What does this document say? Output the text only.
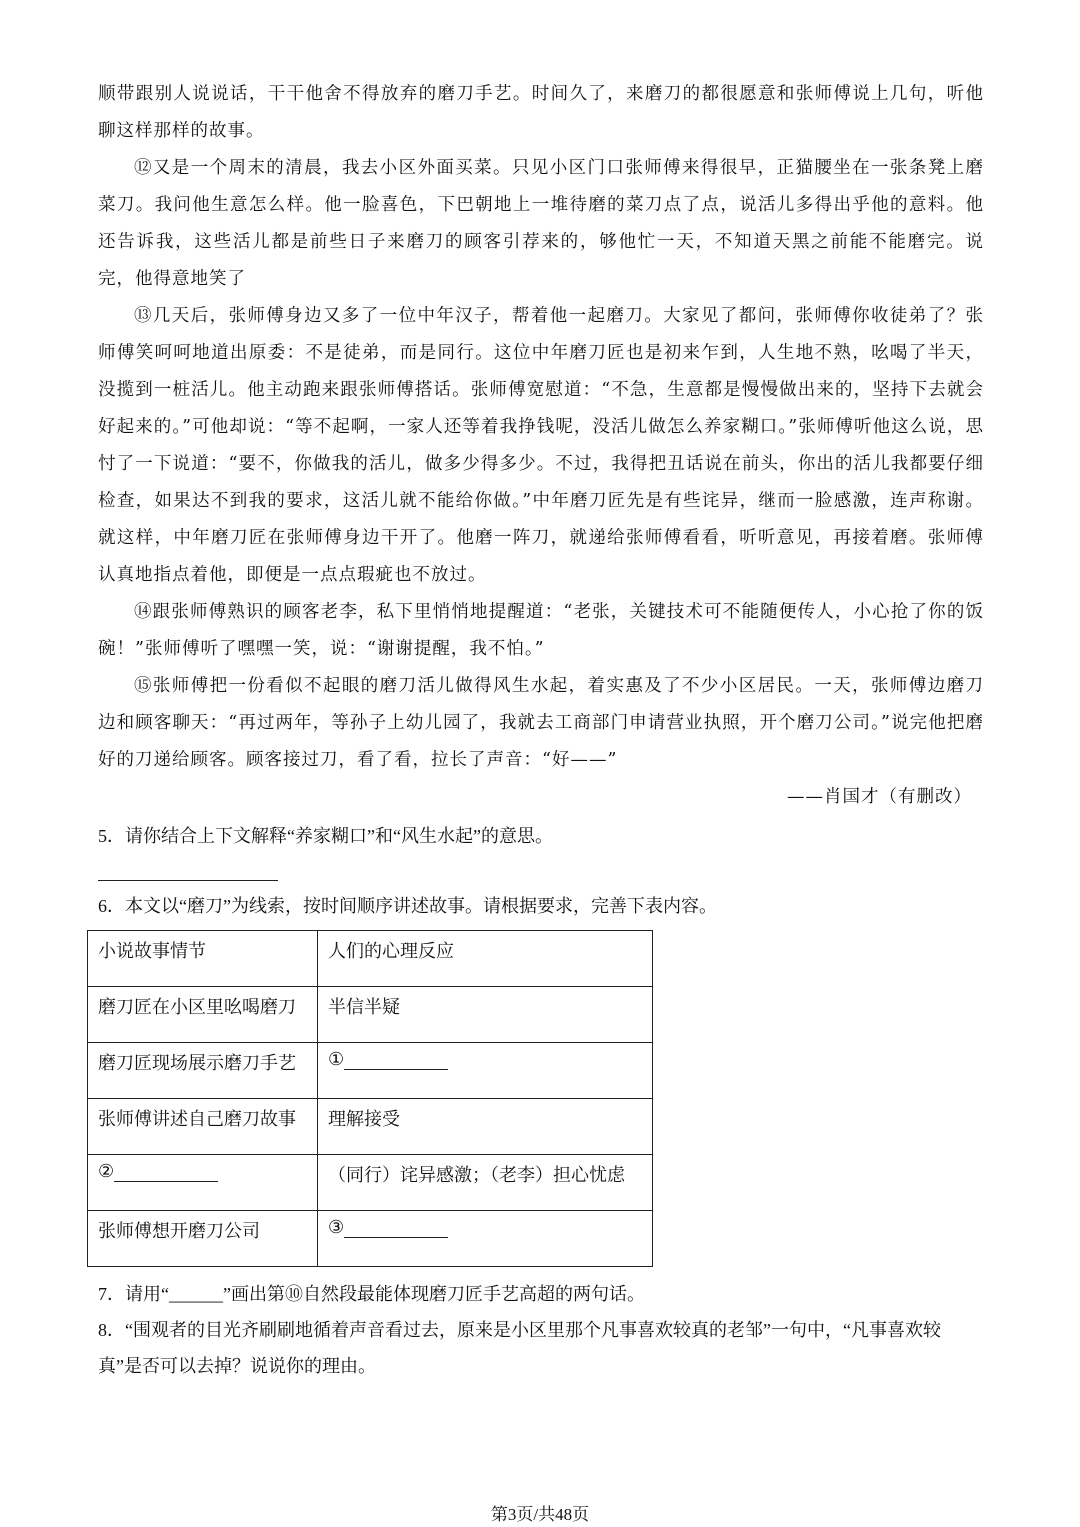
顺带跟别人说说话，干干他舍不得放弃的磨刀手艺。时间久了，来磨刀的都很愿意和张师傅说上几句，听他聊这样那样的故事。

⑫又是一个周末的清晨，我去小区外面买菜。只见小区门口张师傅来得很早，正猫腰坐在一张条凳上磨菜刀。我问他生意怎么样。他一脸喜色，下巴朝地上一堆待磨的菜刀点了点，说活儿多得出乎他的意料。他还告诉我，这些活儿都是前些日子来磨刀的顾客引荐来的，够他忙一天，不知道天黑之前能不能磨完。说完，他得意地笑了

⑬几天后，张师傅身边又多了一位中年汉子，帮着他一起磨刀。大家见了都问，张师傅你收徒弟了？张师傅笑呵呵地道出原委：不是徒弟，而是同行。这位中年磨刀匠也是初来乍到，人生地不熟，吆喝了半天，没揽到一桩活儿。他主动跑来跟张师傅搭话。张师傅宽慰道：“不急，生意都是慢慢做出来的，坚持下去就会好起来的。”可他却说：“等不起啊，一家人还等着我挣钱呢，没活儿做怎么养家糊口。”张师傅听他这么说，思忖了一下说道：“要不，你做我的活儿，做多少得多少。不过，我得把丑话说在前头，你出的活儿我都要仔细检查，如果达不到我的要求，这活儿就不能给你做。”中年磨刀匠先是有些诧异，继而一脸感激，连声称谢。就这样，中年磨刀匠在张师傅身边干开了。他磨一阵刀，就递给张师傅看看，听听意见，再接着磨。张师傅认真地指点着他，即便是一点点瑕疵也不放过。

⑭跟张师傅熟识的顾客老李，私下里悄悄地提醒道：“老张，关键技术可不能随便传人，小心抢了你的饭碗！”张师傅听了嘿嘿一笑，说：“谢谢提醒，我不怕。”

⑮张师傅把一份看似不起眼的磨刀活儿做得风生水起，着实惠及了不少小区居民。一天，张师傅边磨刀边和顾客聊天：“再过两年，等孙子上幼儿园了，我就去工商部门申请营业执照，开个磨刀公司。”说完他把磨好的刀递给顾客。顾客接过刀，看了看，拉长了声音：“好——”

——肖国才（有删改）

5．请你结合上下文解释“养家糊口”和“风生水起”的意思。
6．本文以“磨刀”为线索，按时间顺序讲述故事。请根据要求，完善下表内容。
小说故事情节	人们的心理反应
磨刀匠在小区里吆喝磨刀	半信半疑
磨刀匠现场展示磨刀手艺	①
张师傅讲述自己磨刀故事	理解接受
②	（同行）诧异感激；（老李）担心忧虑
张师傅想开磨刀公司	③
7．请用“______”画出第⑩自然段最能体现磨刀匠手艺高超的两句话。
8．“围观者的目光齐刷刷地循着声音看过去，原来是小区里那个凡事喜欢较真的老邹”一句中，“凡事喜欢较真”是否可以去掉？说说你的理由。
第3页/共48页
